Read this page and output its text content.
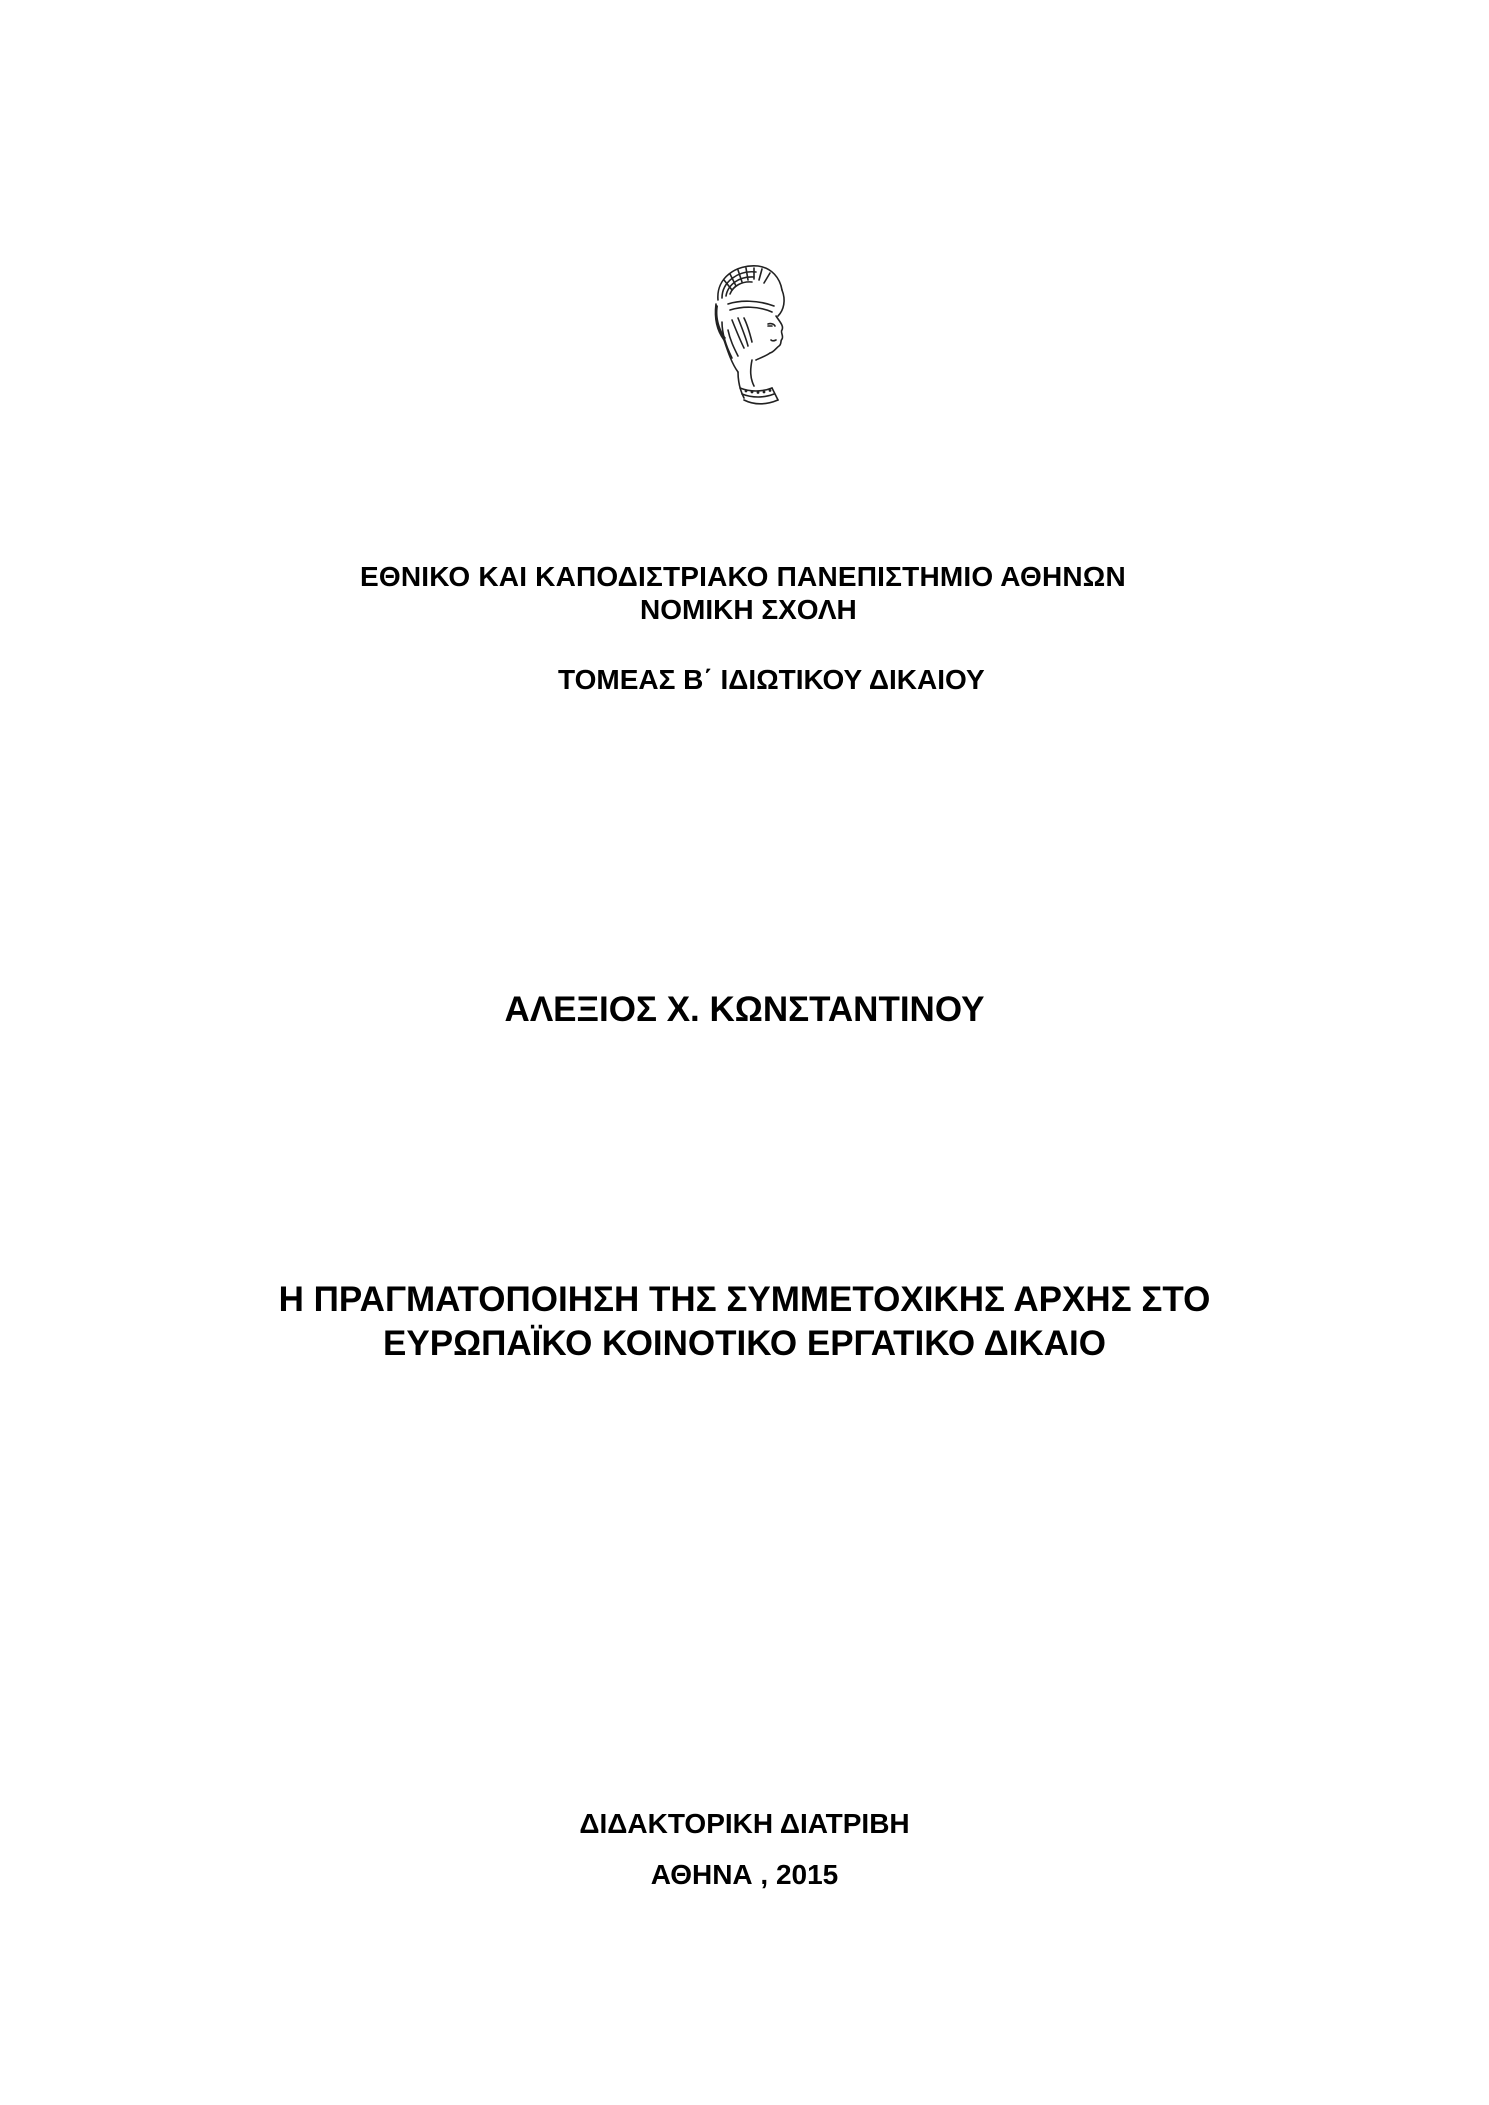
ΕΘΝΙΚΟ ΚΑΙ ΚΑΠΟΔΙΣΤΡΙΑΚΟ ΠΑΝΕΠΙΣΤΗΜΙΟ ΑΘΗΝΩΝ
ΝΟΜΙΚΗ ΣΧΟΛΗ
ΤΟΜΕΑΣ Β΄ ΙΔΙΩΤΙΚΟΥ ΔΙΚΑΙΟΥ
ΑΛΕΞΙΟΣ Χ. ΚΩΝΣΤΑΝΤΙΝΟΥ
Η ΠΡΑΓΜΑΤΟΠΟΙΗΣΗ ΤΗΣ ΣΥΜΜΕΤΟΧΙΚΗΣ ΑΡΧΗΣ ΣΤΟ
ΕΥΡΩΠΑΪΚΟ ΚΟΙΝΟΤΙΚΟ ΕΡΓΑΤΙΚΟ ΔΙΚΑΙΟ
ΔΙΔΑΚΤΟΡΙΚΗ ΔΙΑΤΡΙΒΗ
ΑΘΗΝΑ , 2015
